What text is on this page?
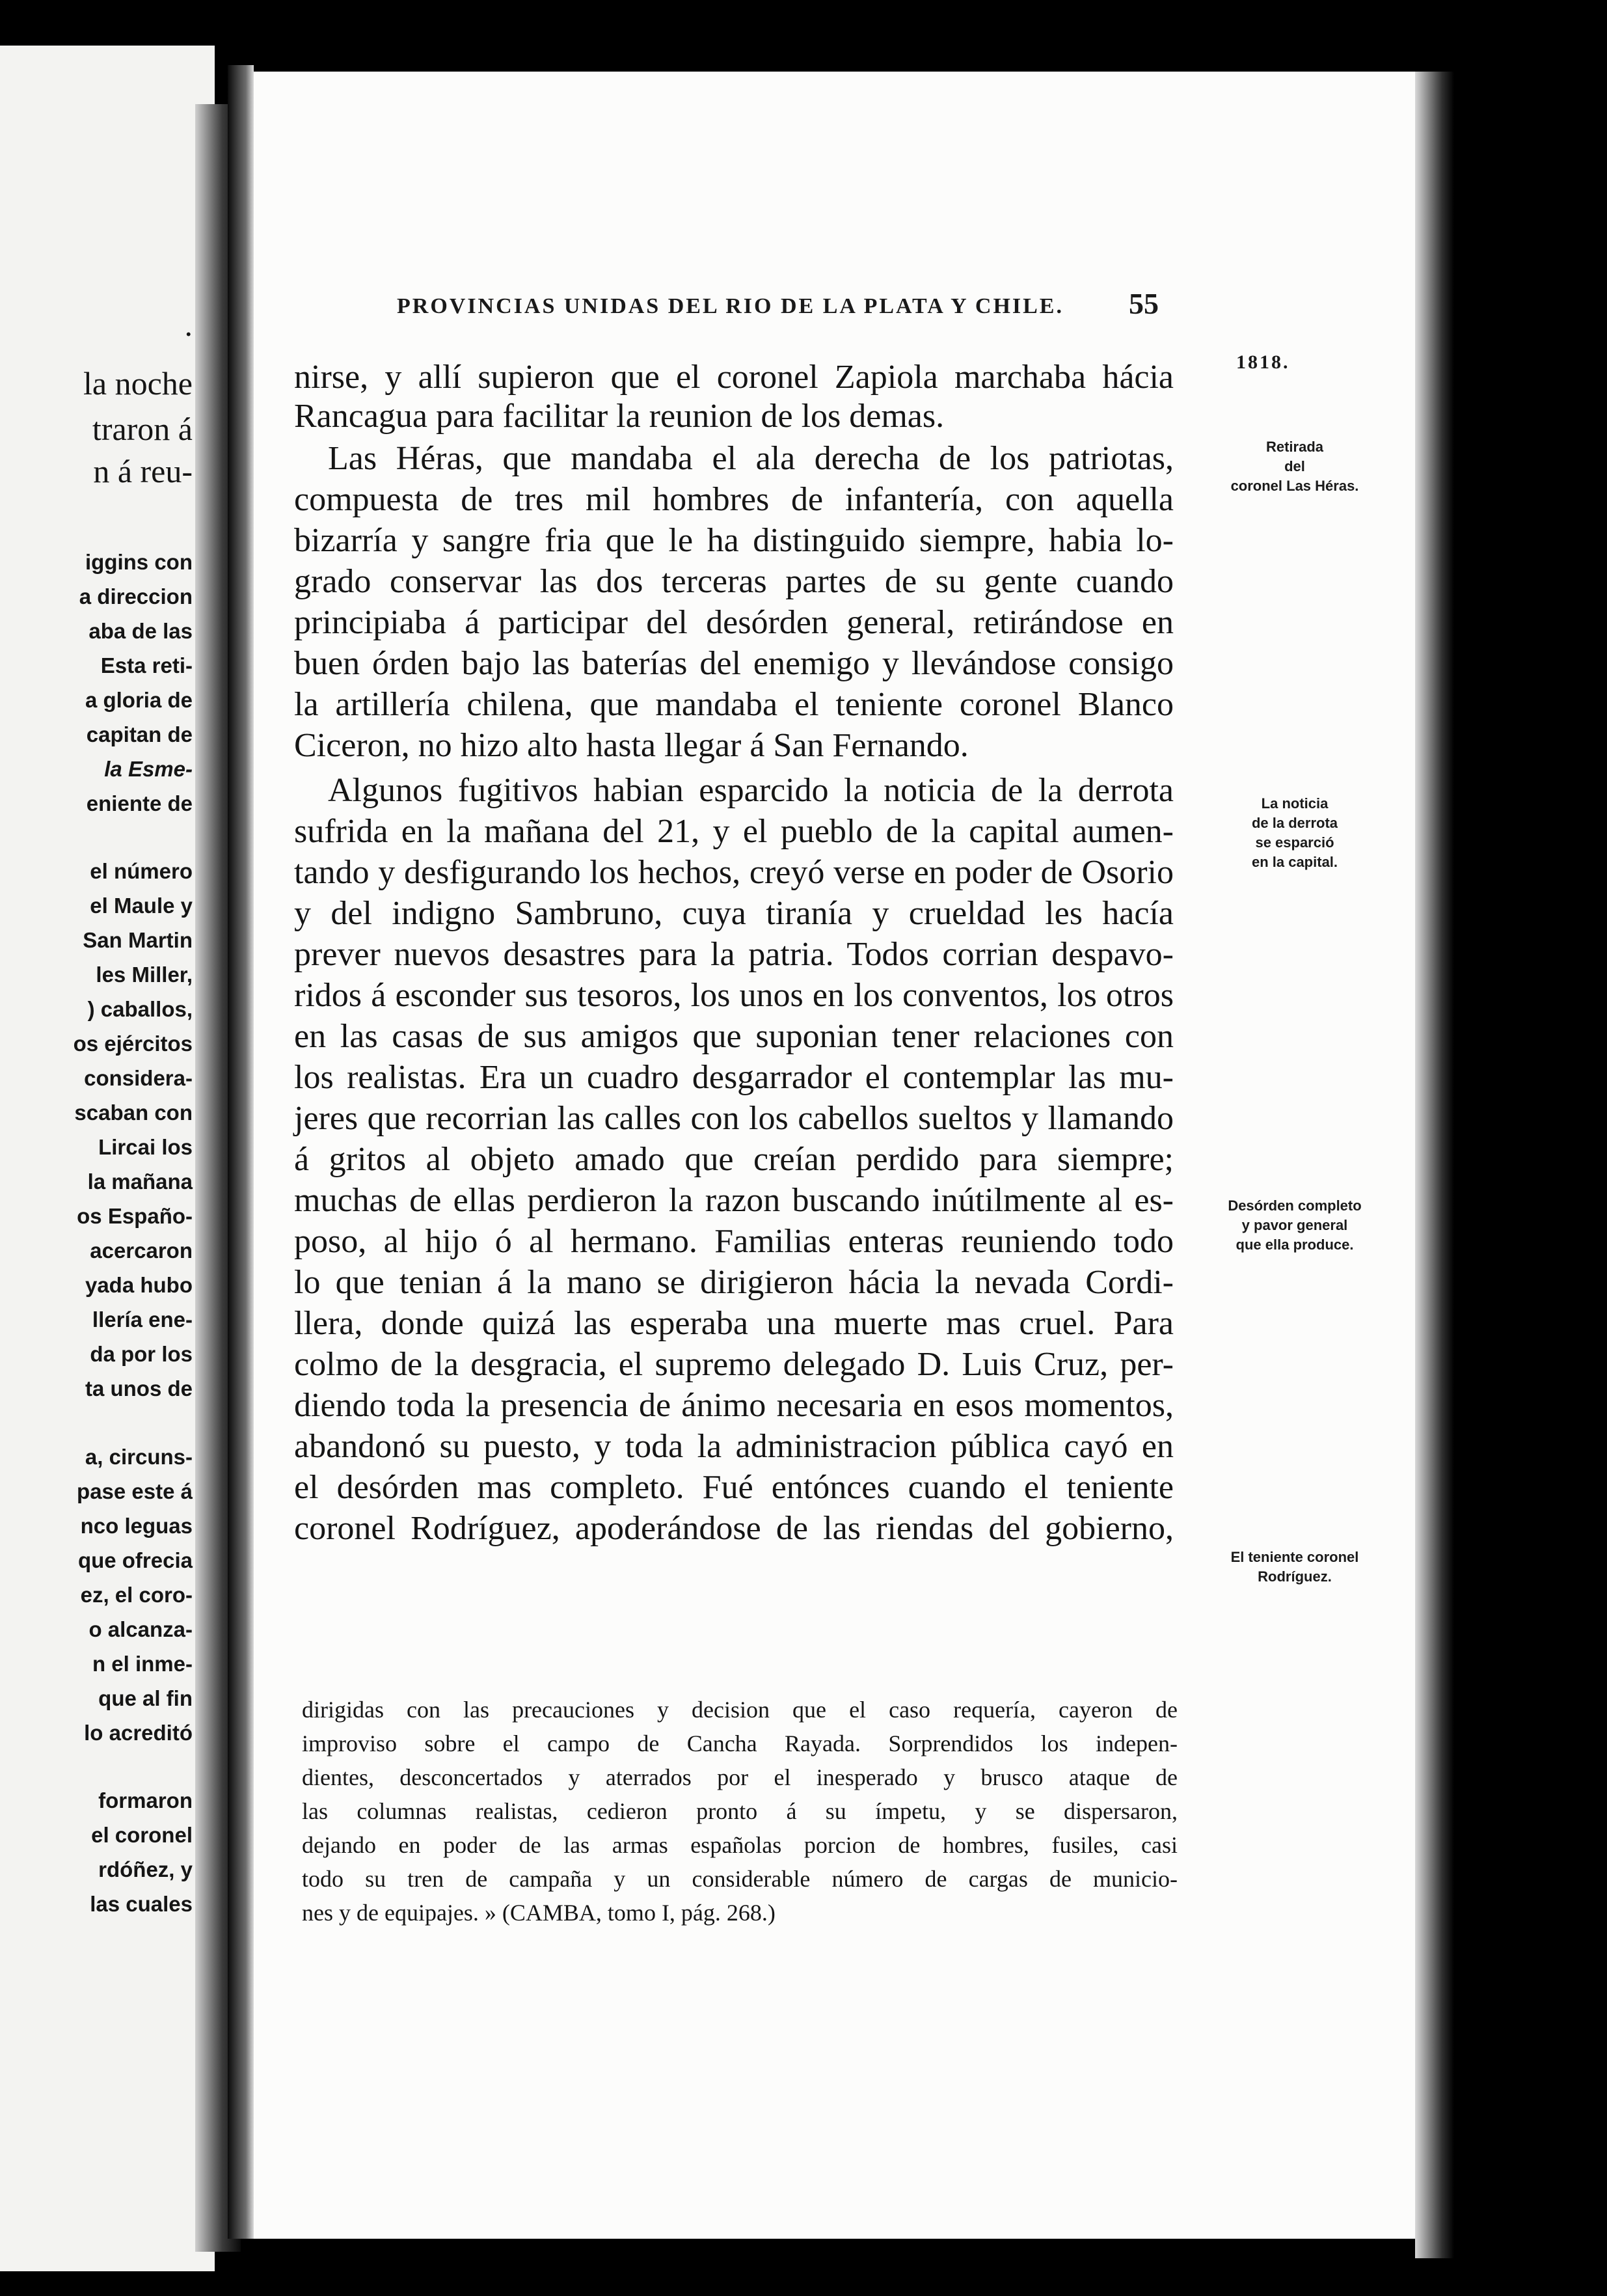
.
la noche
traron á
n á reu-
iggins con
a direccion
aba de las
Esta reti-
a gloria de
capitan de
la Esme-
eniente de
el número
el Maule y
San Martin
les Miller,
) caballos,
os ejércitos
considera-
scaban con
Lircai los
la mañana
os Españo-
acercaron
yada hubo
llería ene-
da por los
ta unos de
a, circuns-
pase este á
nco leguas
que ofrecia
ez, el coro-
o alcanza-
n el inme-
que al fin
lo acreditó
formaron
el coronel
rdóñez, y
las cuales
PROVINCIAS UNIDAS DEL RIO DE LA PLATA Y CHILE. 55
1818.
Retirada
del
coronel Las Héras.
La noticia
de la derrota
se esparció
en la capital.
Desórden completo
y pavor general
que ella produce.
El teniente coronel
Rodríguez.
nirse, y allí supieron que el coronel Zapiola marchaba hácia
Rancagua para facilitar la reunion de los demas.
Las Héras, que mandaba el ala derecha de los patriotas,
compuesta de tres mil hombres de infantería, con aquella
bizarría y sangre fria que le ha distinguido siempre, habia lo-
grado conservar las dos terceras partes de su gente cuando
principiaba á participar del desórden general, retirándose en
buen órden bajo las baterías del enemigo y llevándose consigo
la artillería chilena, que mandaba el teniente coronel Blanco
Ciceron, no hizo alto hasta llegar á San Fernando.
Algunos fugitivos habian esparcido la noticia de la derrota
sufrida en la mañana del 21, y el pueblo de la capital aumen-
tando y desfigurando los hechos, creyó verse en poder de Osorio
y del indigno Sambruno, cuya tiranía y crueldad les hacía
prever nuevos desastres para la patria. Todos corrian despavo-
ridos á esconder sus tesoros, los unos en los conventos, los otros
en las casas de sus amigos que suponian tener relaciones con
los realistas. Era un cuadro desgarrador el contemplar las mu-
jeres que recorrian las calles con los cabellos sueltos y llamando
á gritos al objeto amado que creían perdido para siempre;
muchas de ellas perdieron la razon buscando inútilmente al es-
poso, al hijo ó al hermano. Familias enteras reuniendo todo
lo que tenian á la mano se dirigieron hácia la nevada Cordi-
llera, donde quizá las esperaba una muerte mas cruel. Para
colmo de la desgracia, el supremo delegado D. Luis Cruz, per-
diendo toda la presencia de ánimo necesaria en esos momentos,
abandonó su puesto, y toda la administracion pública cayó en
el desórden mas completo. Fué entónces cuando el teniente
coronel Rodríguez, apoderándose de las riendas del gobierno,
dirigidas con las precauciones y decision que el caso requería, cayeron de
improviso sobre el campo de Cancha Rayada. Sorprendidos los indepen-
dientes, desconcertados y aterrados por el inesperado y brusco ataque de
las columnas realistas, cedieron pronto á su ímpetu, y se dispersaron,
dejando en poder de las armas españolas porcion de hombres, fusiles, casi
todo su tren de campaña y un considerable número de cargas de municio-
nes y de equipajes. » (CAMBA, tomo I, pág. 268.)
